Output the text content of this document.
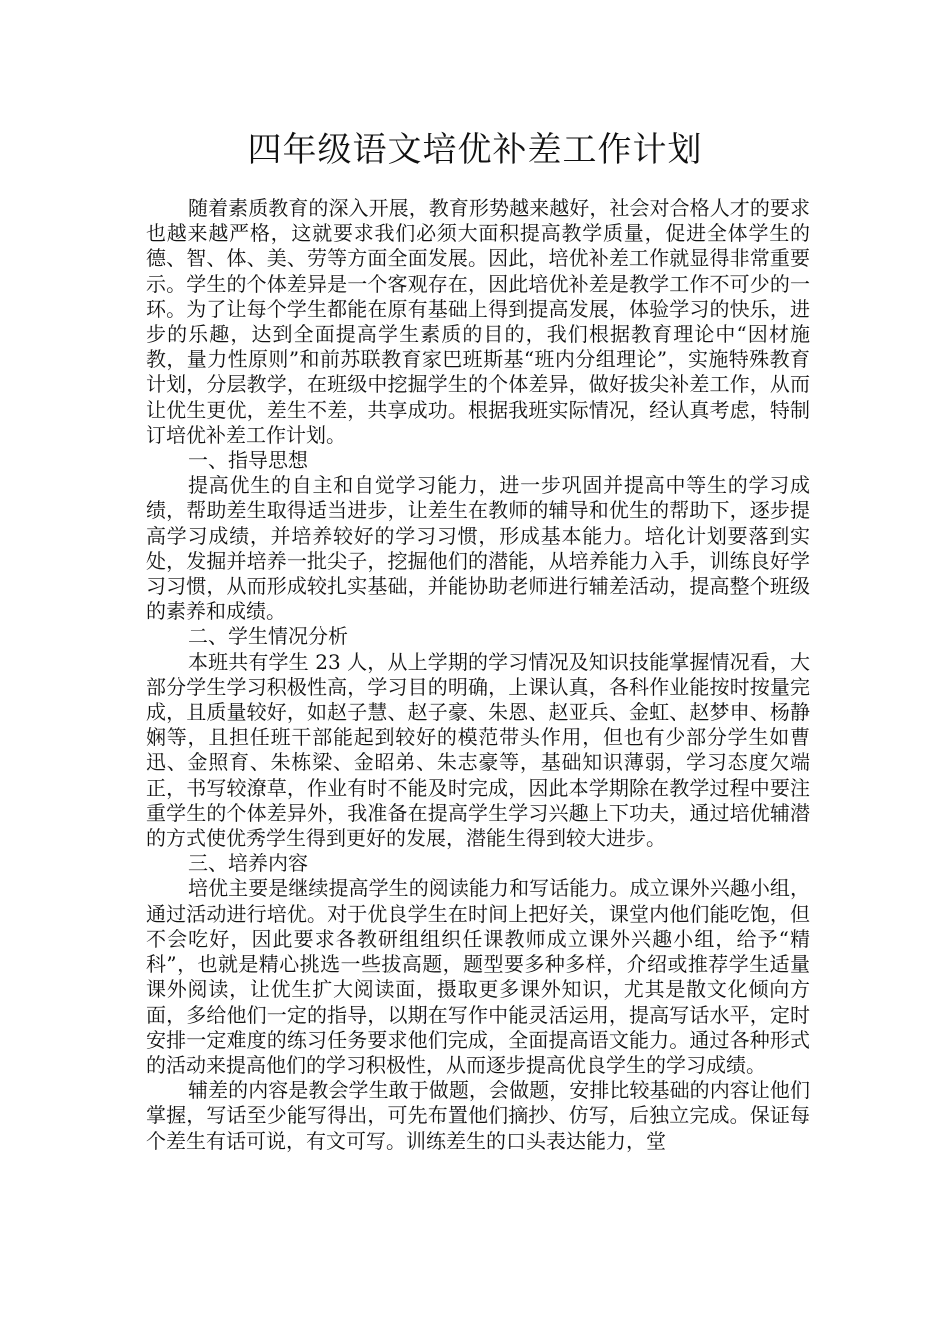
四年级语文培优补差工作计划

随着素质教育的深入开展，教育形势越来越好，社会对合格人才的要求也越来越严格，这就要求我们必须大面积提高教学质量，促进全体学生的德、智、体、美、劳等方面全面发展。因此，培优补差工作就显得非常重要示。学生的个体差异是一个客观存在，因此培优补差是教学工作不可少的一环。为了让每个学生都能在原有基础上得到提高发展，体验学习的快乐，进步的乐趣，达到全面提高学生素质的目的，我们根据教育理论中“因材施教，量力性原则”和前苏联教育家巴班斯基“班内分组理论”，实施特殊教育计划，分层教学，在班级中挖掘学生的个体差异，做好拔尖补差工作，从而让优生更优，差生不差，共享成功。根据我班实际情况，经认真考虑，特制订培优补差工作计划。

一、指导思想

提高优生的自主和自觉学习能力，进一步巩固并提高中等生的学习成绩，帮助差生取得适当进步，让差生在教师的辅导和优生的帮助下，逐步提高学习成绩，并培养较好的学习习惯，形成基本能力。培化计划要落到实处，发掘并培养一批尖子，挖掘他们的潜能，从培养能力入手，训练良好学习习惯，从而形成较扎实基础，并能协助老师进行辅差活动，提高整个班级的素养和成绩。

二、学生情况分析

本班共有学生 23 人，从上学期的学习情况及知识技能掌握情况看，大部分学生学习积极性高，学习目的明确，上课认真，各科作业能按时按量完成，且质量较好，如赵子慧、赵子豪、朱恩、赵亚兵、金虹、赵梦申、杨静娴等，且担任班干部能起到较好的模范带头作用，但也有少部分学生如曹迅、金照育、朱栋梁、金昭弟、朱志豪等，基础知识薄弱，学习态度欠端正，书写较潦草，作业有时不能及时完成，因此本学期除在教学过程中要注重学生的个体差异外，我准备在提高学生学习兴趣上下功夫，通过培优辅潜的方式使优秀学生得到更好的发展，潜能生得到较大进步。

三、培养内容

培优主要是继续提高学生的阅读能力和写话能力。成立课外兴趣小组，通过活动进行培优。对于优良学生在时间上把好关，课堂内他们能吃饱，但不会吃好，因此要求各教研组组织任课教师成立课外兴趣小组，给予“精科”，也就是精心挑选一些拔高题，题型要多种多样，介绍或推荐学生适量课外阅读，让优生扩大阅读面，摄取更多课外知识，尤其是散文化倾向方面，多给他们一定的指导，以期在写作中能灵活运用，提高写话水平，定时安排一定难度的练习任务要求他们完成，全面提高语文能力。通过各种形式的活动来提高他们的学习积极性，从而逐步提高优良学生的学习成绩。

辅差的内容是教会学生敢于做题，会做题，安排比较基础的内容让他们掌握，写话至少能写得出，可先布置他们摘抄、仿写，后独立完成。保证每个差生有话可说，有文可写。训练差生的口头表达能力，堂
